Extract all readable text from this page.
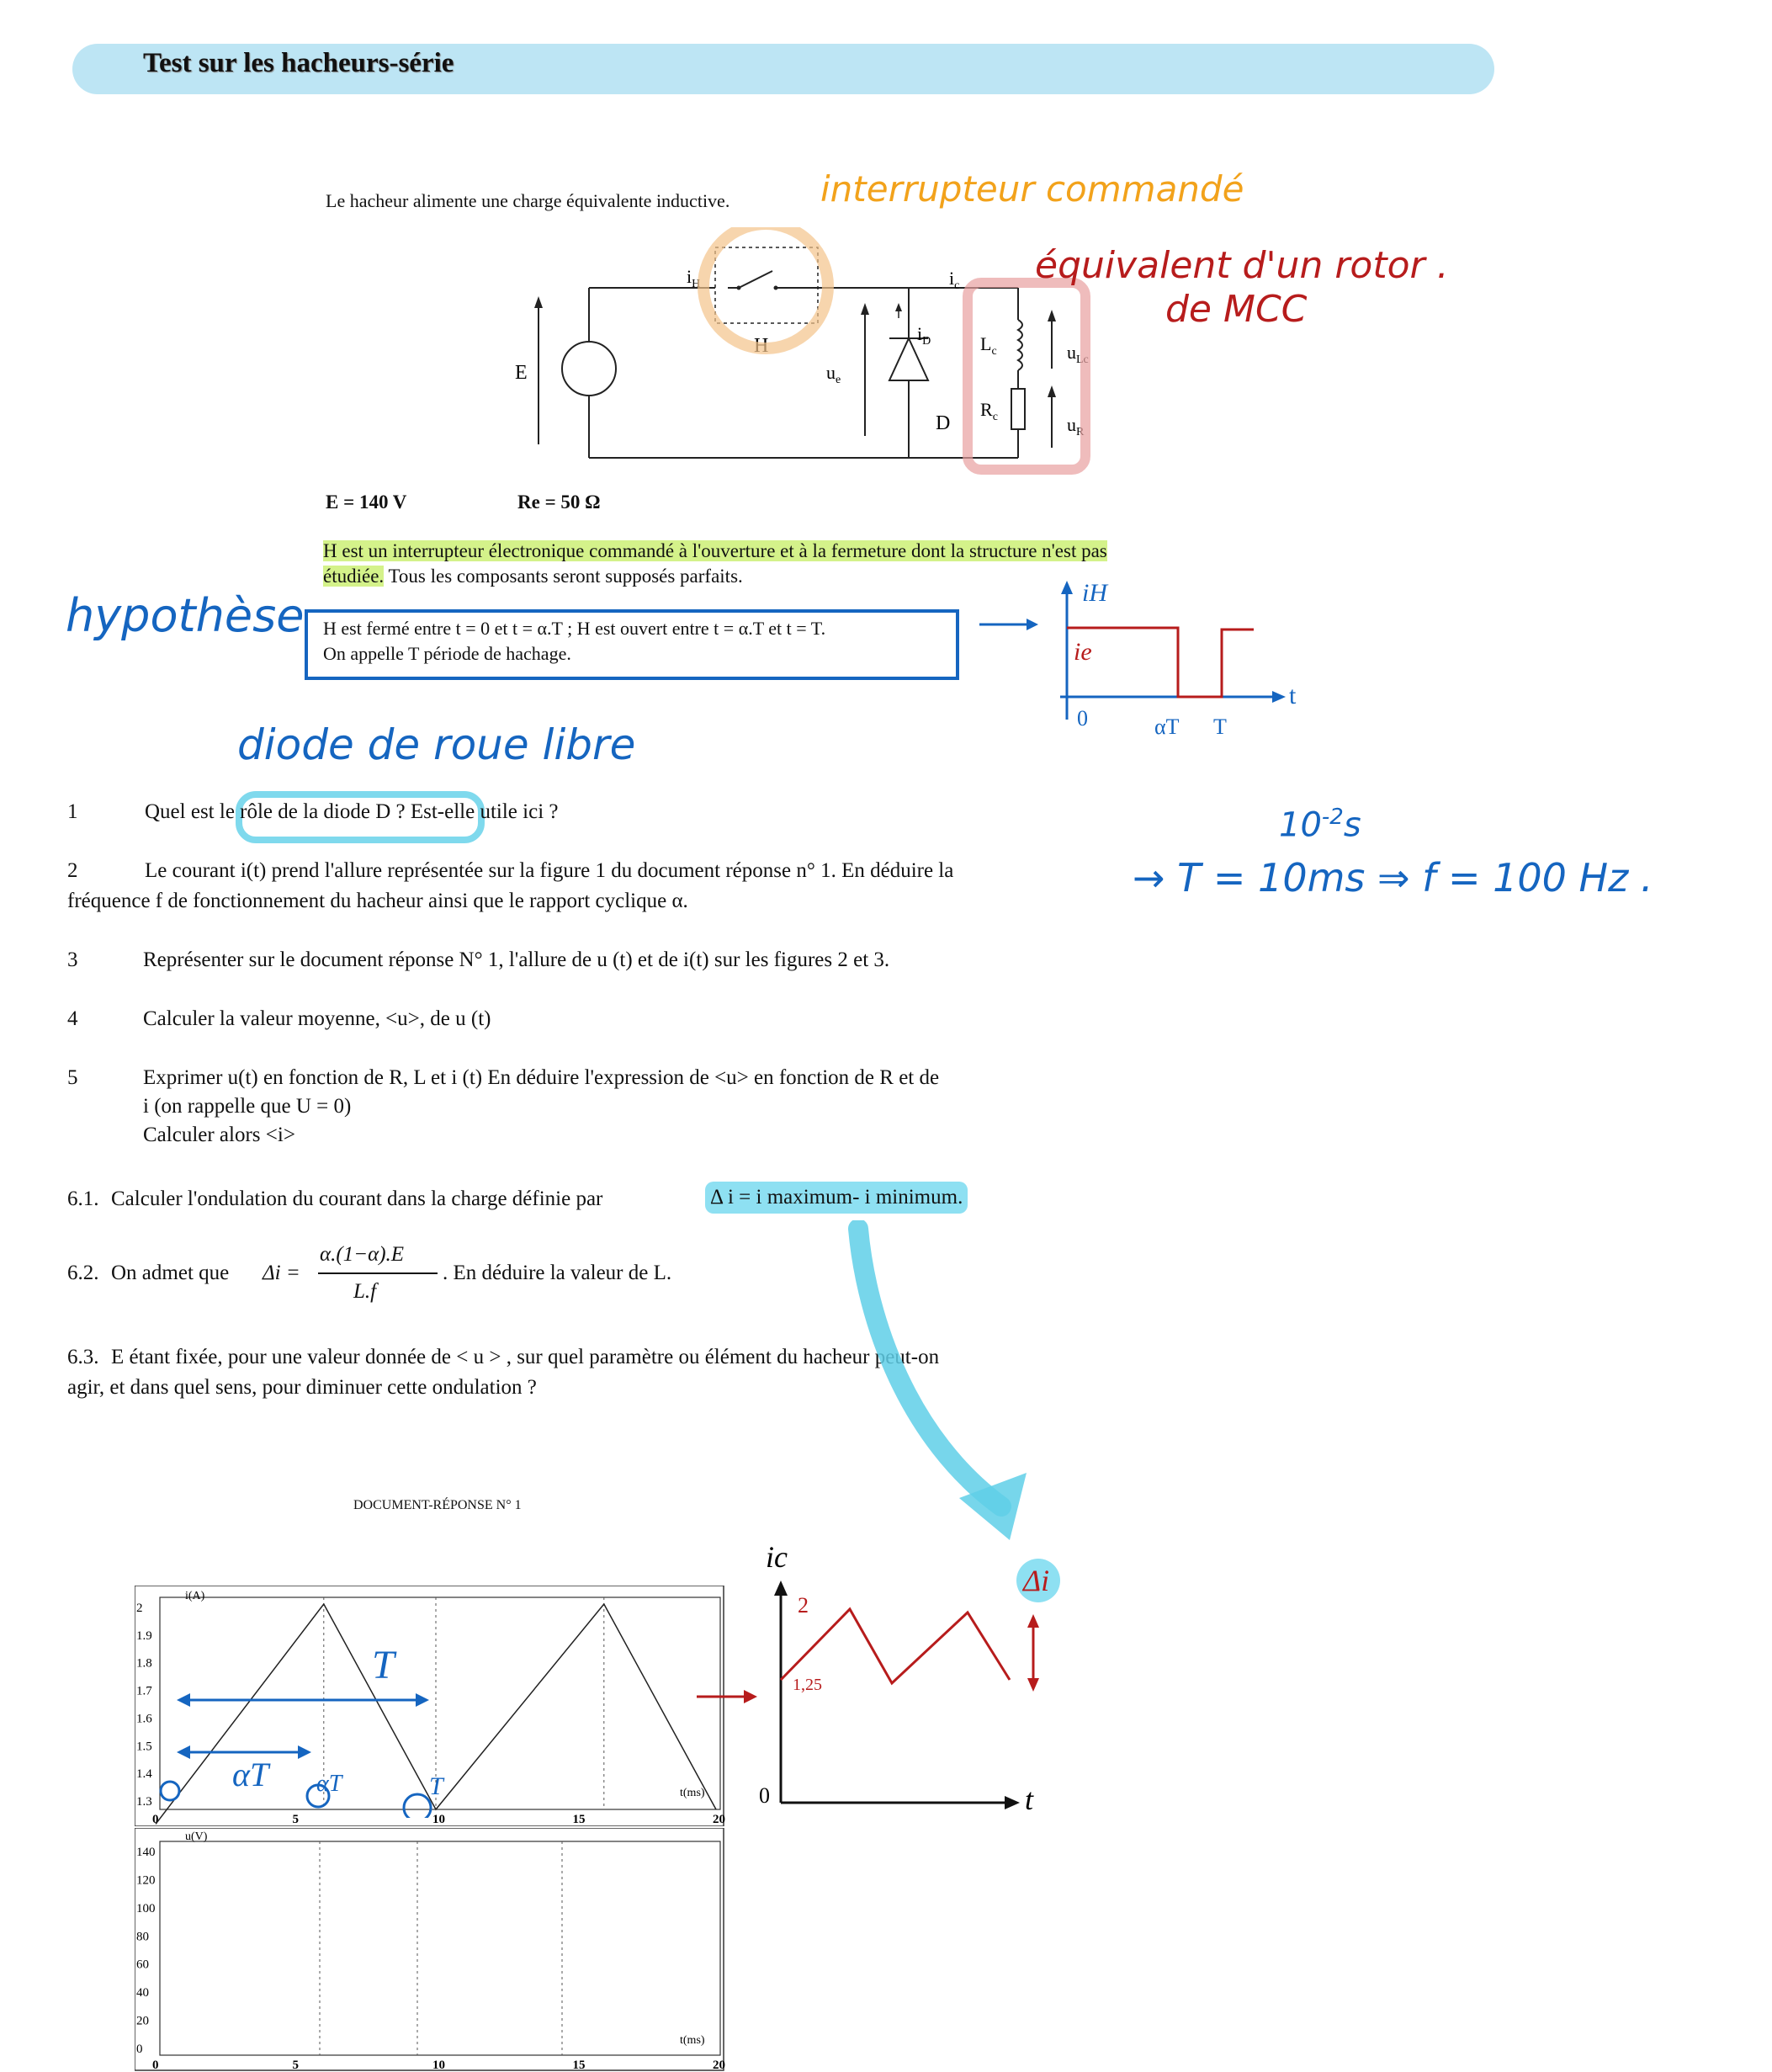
Test sur les hacheurs-série
Le hacheur alimente une charge équivalente inductive.
E
H
$i_H$
$u_e$
$i_D$
D
$i_c$
$L_c$
$R_c$
$u_{Lc}$
$u_R$
interrupteur commandé
équivalent d'un rotor .
de MCC
E = 140 V	Re = 50 Ω
H est un interrupteur électronique commandé à l'ouverture et à la fermeture dont la structure n'est pas
étudiée. Tous les composants seront supposés parfaits.
hypothèse H est fermé entre t = 0 et t = α.T ; H est ouvert entre t = α.T et t = T.
On appelle T période de hachage.
iH
ie
0	αT T
t
diode de roue libre
1	Quel est le rôle de la diode D ? Est-elle utile ici ?	$10^{-2}s$
2	Le courant i(t) prend l'allure représentée sur la figure 1 du document réponse n° 1. En déduire la
fréquence f de fonctionnement du hacheur ainsi que le rapport cyclique α.
→ T = 10ms ⇒ f = 100 Hz .
3	Représenter sur le document réponse N° 1, l'allure de u (t) et de i(t) sur les figures 2 et 3.
4	Calculer la valeur moyenne, <u>, de u (t)
5	Exprimer u(t) en fonction de R, L et i (t) En déduire l'expression de <u> en fonction de R et de
i (on rappelle que U = 0)
Calculer alors <i>
6.1. Calculer l'ondulation du courant dans la charge définie par	Δ i = i maximum- i minimum.
6.2. On admet que Δi =
α.(1−α).E
L.f
. En déduire la valeur de L.
6.3. E étant fixée, pour une valeur donnée de < u > , sur quel paramètre ou élément du hacheur peut-on
agir, et dans quel sens, pour diminuer cette ondulation ?
DOCUMENT-RÉPONSE N° 1
i(A)
t(ms)
2
1.9
1.8
1.7
1.6
1.5
1.4
1.3
0	5	10	15	20
u(V)
t(ms)
140
120
100
80
60
40
20
0
0	5	10	15	20
T
αT αT	T
ic
2
1,25
0	t
Δi
